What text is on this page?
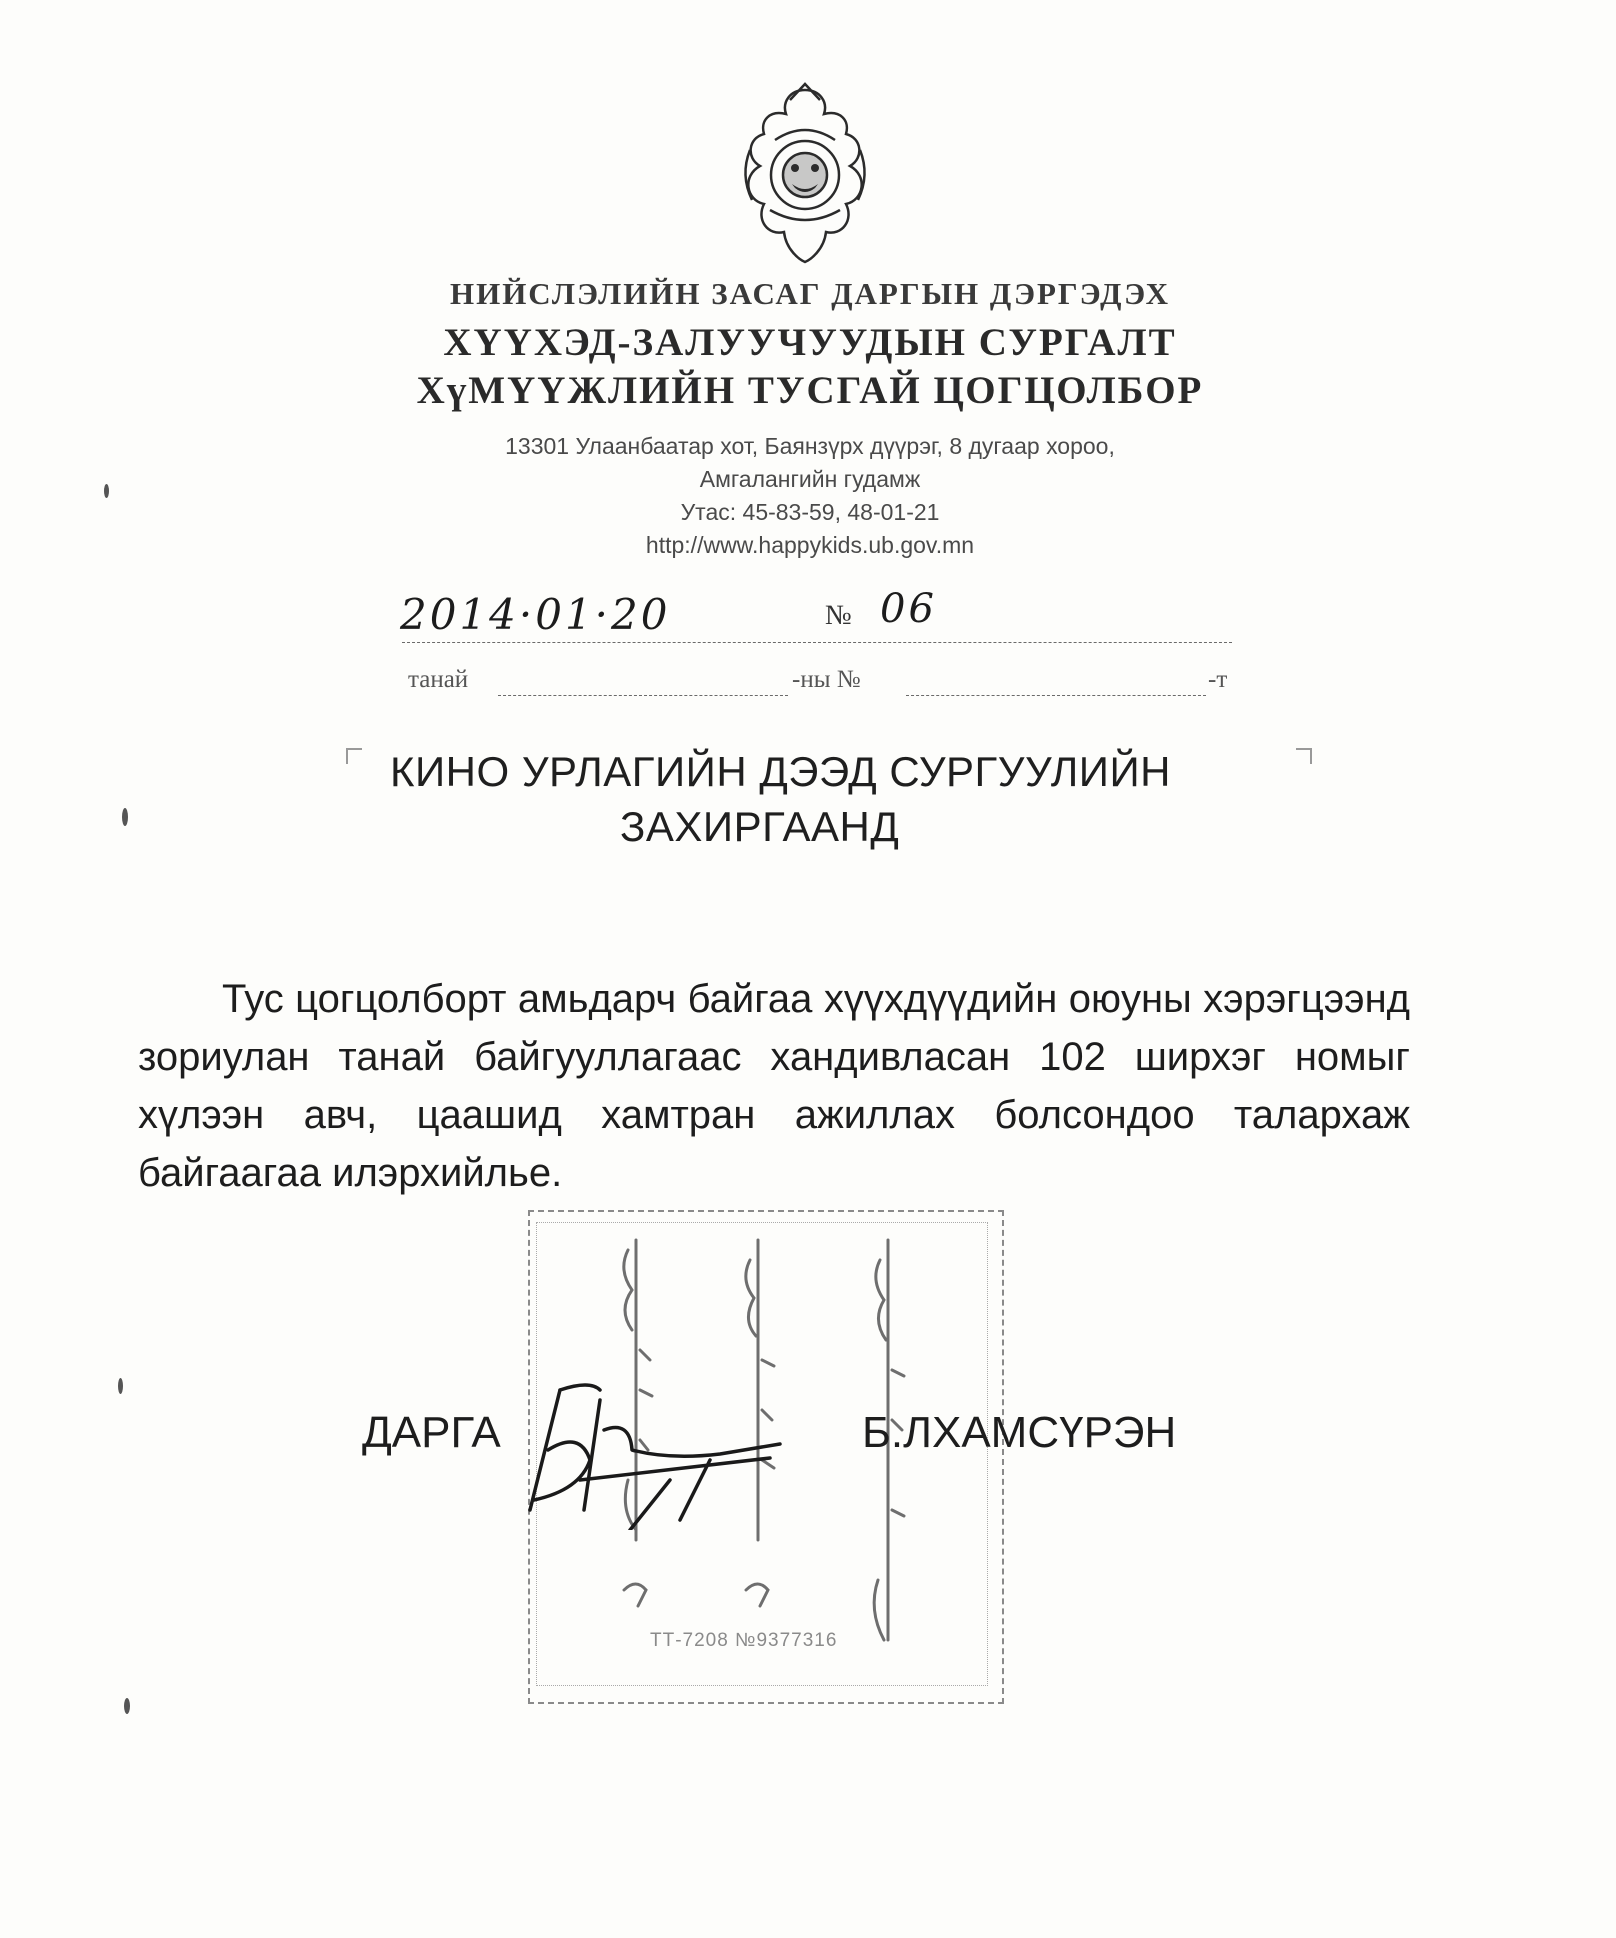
НИЙСЛЭЛИЙН ЗАСАГ ДАРГЫН ДЭРГЭДЭХ
ХҮҮХЭД-ЗАЛУУЧУУДЫН СУРГАЛТ
ХүМҮҮЖЛИЙН ТУСГАЙ ЦОГЦОЛБОР
13301 Улаанбаатар хот, Баянзүрх дүүрэг, 8 дугаар хороо,
Амгалангийн гудамж
Утас: 45-83-59, 48-01-21
http://www.happykids.ub.gov.mn
2014·01·20	№ 06
танай	-ны №	-т
КИНО УРЛАГИЙН ДЭЭД СУРГУУЛИЙН
ЗАХИРГААНД
Тус цогцолборт амьдарч байгаа хүүхдүүдийн оюуны хэрэгцээнд зориулан танай байгууллагаас хандивласан 102 ширхэг номыг хүлээн авч, цаашид хамтран ажиллах болсондоо талархаж байгаагаа илэрхийлье.
ТТ-7208 №9377316
ДАРГА	Б.ЛХАМСҮРЭН
